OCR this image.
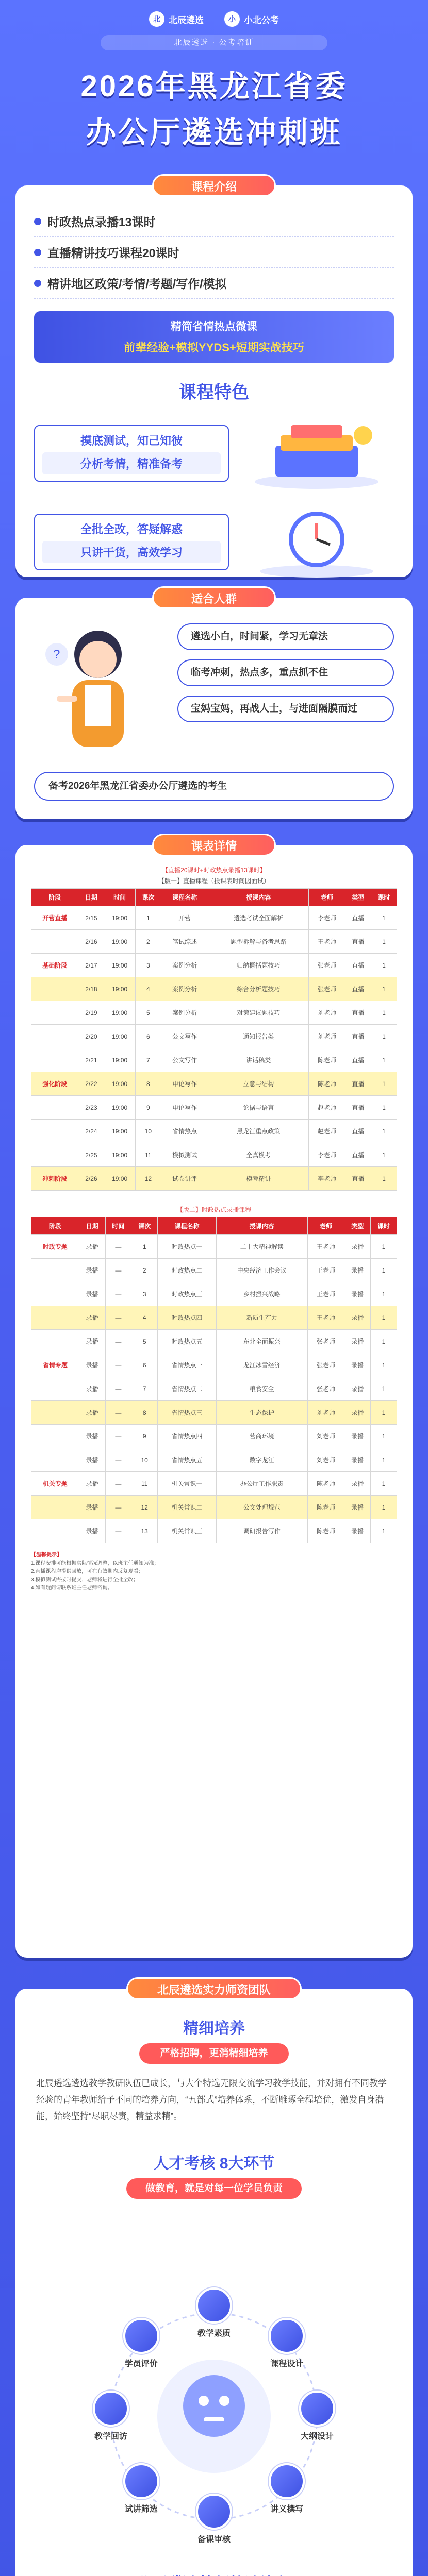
北 北辰遴选	小 小北公考
北辰遴选 · 公考培训
2026年黑龙江省委
办公厅遴选冲刺班
课程介绍
时政热点录播13课时
直播精讲技巧课程20课时
精讲地区政策/考情/考题/写作/模拟
精简省情热点微课
前辈经验+模拟YYDS+短期实战技巧
课程特色
摸底测试，知己知彼
分析考情，精准备考
全批全改，答疑解惑
只讲干货，高效学习
适合人群
?
遴选小白，时间紧，学习无章法
临考冲刺，热点多，重点抓不住
宝妈宝妈，再战人士，与进面隔膜而过
备考2026年黑龙江省委办公厅遴选的考生
课表详情
【直播20课时+时政热点录播13课时】
【版一】直播课程（投课表时间因面试）
阶段	日期	时间	课次	课程名称	授课内容	老师	类型	课时
开营直播	2/15	19:00	1	开营	遴选考试全面解析	李老师	直播	1
	2/16	19:00	2	笔试综述	题型拆解与备考思路	王老师	直播	1
基础阶段	2/17	19:00	3	案例分析	归纳概括题技巧	张老师	直播	1
	2/18	19:00	4	案例分析	综合分析题技巧	张老师	直播	1
	2/19	19:00	5	案例分析	对策建议题技巧	刘老师	直播	1
	2/20	19:00	6	公文写作	通知报告类	刘老师	直播	1
	2/21	19:00	7	公文写作	讲话稿类	陈老师	直播	1
强化阶段	2/22	19:00	8	申论写作	立意与结构	陈老师	直播	1
	2/23	19:00	9	申论写作	论据与语言	赵老师	直播	1
	2/24	19:00	10	省情热点	黑龙江重点政策	赵老师	直播	1
	2/25	19:00	11	模拟测试	全真模考	李老师	直播	1
冲刺阶段	2/26	19:00	12	试卷讲评	模考精讲	李老师	直播	1
【版二】时政热点录播课程
阶段	日期	时间	课次	课程名称	授课内容	老师	类型	课时
时政专题	录播	—	1	时政热点一	二十大精神解读	王老师	录播	1
	录播	—	2	时政热点二	中央经济工作会议	王老师	录播	1
	录播	—	3	时政热点三	乡村振兴战略	王老师	录播	1
	录播	—	4	时政热点四	新质生产力	王老师	录播	1
	录播	—	5	时政热点五	东北全面振兴	张老师	录播	1
省情专题	录播	—	6	省情热点一	龙江冰雪经济	张老师	录播	1
	录播	—	7	省情热点二	粮食安全	张老师	录播	1
	录播	—	8	省情热点三	生态保护	刘老师	录播	1
	录播	—	9	省情热点四	营商环境	刘老师	录播	1
	录播	—	10	省情热点五	数字龙江	刘老师	录播	1
机关专题	录播	—	11	机关常识一	办公厅工作职责	陈老师	录播	1
	录播	—	12	机关常识二	公文处理规范	陈老师	录播	1
	录播	—	13	机关常识三	调研报告写作	陈老师	录播	1
【温馨提示】
1.课程安排可能根据实际情况调整，以班主任通知为准；
2.直播课程均提供回放，可在有效期内反复观看；
3.模拟测试需按时提交，老师将进行全批全改；
4.如有疑问请联系班主任老师咨询。
北辰遴选实力师资团队
精细培养
严格招聘，更消精细培养
北辰遴选遴选教学教研队伍已成长，与大个特选无限交流学习教学技能，并对拥有不同教学经验的青年教师给予不同的培养方向，“五部式”培养体系，不断雕琢全程培优，激发自身潜能，始终坚持“尽职尽责，精益求精”。
人才考核 8大环节
做教育，就是对每一位学员负责
教学素质
课程设计
大纲设计
讲义撰写
备课审核
试讲筛选
教学回访
学员评价
